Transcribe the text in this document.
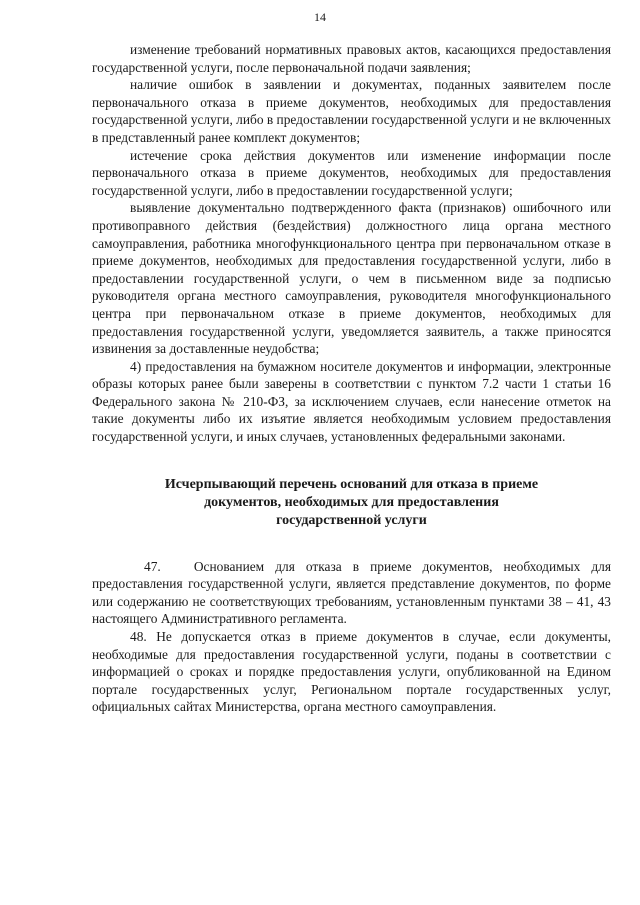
14

изменение требований нормативных правовых актов, касающихся предоставления государственной услуги, после первоначальной подачи заявления;

наличие ошибок в заявлении и документах, поданных заявителем после первоначального отказа в приеме документов, необходимых для предоставления государственной услуги, либо в предоставлении государственной услуги и не включенных в представленный ранее комплект документов;

истечение срока действия документов или изменение информации после первоначального отказа в приеме документов, необходимых для предоставления государственной услуги, либо в предоставлении государственной услуги;

выявление документально подтвержденного факта (признаков) ошибочного или противоправного действия (бездействия) должностного лица органа местного самоуправления, работника многофункционального центра при первоначальном отказе в приеме документов, необходимых для предоставления государственной услуги, либо в предоставлении государственной услуги, о чем в письменном виде за подписью руководителя органа местного самоуправления, руководителя многофункционального центра при первоначальном отказе в приеме документов, необходимых для предоставления государственной услуги, уведомляется заявитель, а также приносятся извинения за доставленные неудобства;

4) предоставления на бумажном носителе документов и информации, электронные образы которых ранее были заверены в соответствии с пунктом 7.2 части 1 статьи 16 Федерального закона № 210-ФЗ, за исключением случаев, если нанесение отметок на такие документы либо их изъятие является необходимым условием предоставления государственной услуги, и иных случаев, установленных федеральными законами.

Исчерпывающий перечень оснований для отказа в приеме
документов, необходимых для предоставления
государственной услуги

47.   Основанием для отказа в приеме документов, необходимых для предоставления государственной услуги, является представление документов, по форме или содержанию не соответствующих требованиям, установленным пунктами 38 – 41, 43 настоящего Административного регламента.

48. Не допускается отказ в приеме документов в случае, если документы, необходимые для предоставления государственной услуги, поданы в соответствии с информацией о сроках и порядке предоставления услуги, опубликованной на Едином портале государственных услуг, Региональном портале государственных услуг, официальных сайтах Министерства, органа местного самоуправления.
